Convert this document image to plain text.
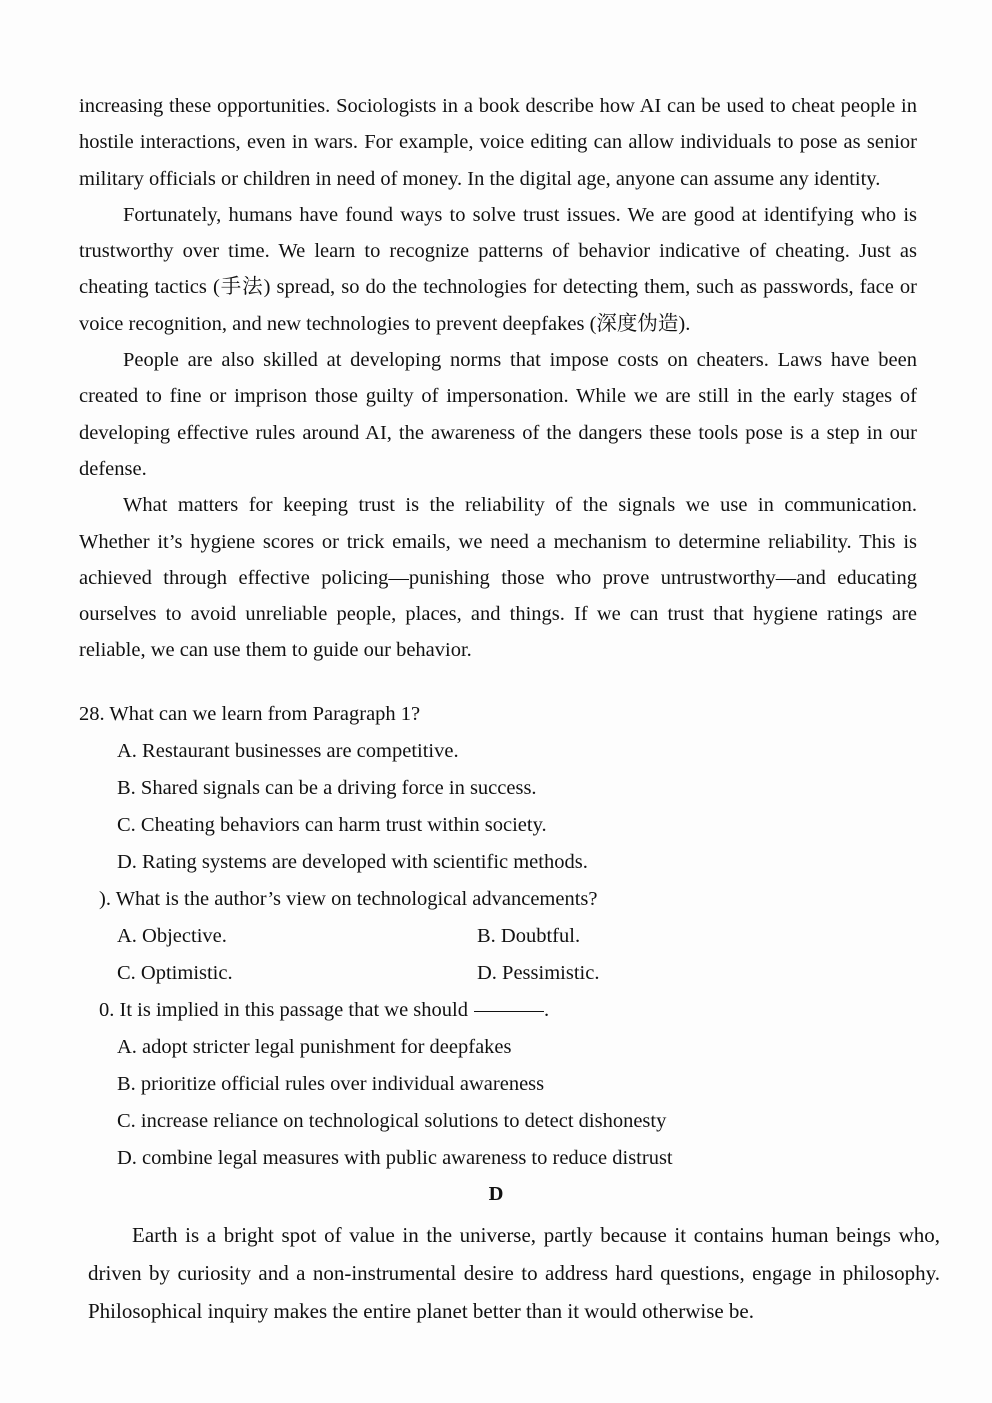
increasing these opportunities. Sociologists in a book describe how AI can be used to cheat people in hostile interactions, even in wars. For example, voice editing can allow individuals to pose as senior military officials or children in need of money. In the digital age, anyone can assume any identity.

Fortunately, humans have found ways to solve trust issues. We are good at identifying who is trustworthy over time. We learn to recognize patterns of behavior indicative of cheating. Just as cheating tactics (手法) spread, so do the technologies for detecting them, such as passwords, face or voice recognition, and new technologies to prevent deepfakes (深度伪造).

People are also skilled at developing norms that impose costs on cheaters. Laws have been created to fine or imprison those guilty of impersonation. While we are still in the early stages of developing effective rules around AI, the awareness of the dangers these tools pose is a step in our defense.

What matters for keeping trust is the reliability of the signals we use in communication. Whether it’s hygiene scores or trick emails, we need a mechanism to determine reliability. This is achieved through effective policing—punishing those who prove untrustworthy—and educating ourselves to avoid unreliable people, places, and things. If we can trust that hygiene ratings are reliable, we can use them to guide our behavior.

28. What can we learn from Paragraph 1?

A. Restaurant businesses are competitive.

B. Shared signals can be a driving force in success.

C. Cheating behaviors can harm trust within society.

D. Rating systems are developed with scientific methods.

). What is the author’s view on technological advancements?

A. Objective.	B. Doubtful.

C. Optimistic.	D. Pessimistic.

0. It is implied in this passage that we should	.

A. adopt stricter legal punishment for deepfakes

B. prioritize official rules over individual awareness

C. increase reliance on technological solutions to detect dishonesty

D. combine legal measures with public awareness to reduce distrust

D

Earth is a bright spot of value in the universe, partly because it contains human beings who, driven by curiosity and a non-instrumental desire to address hard questions, engage in philosophy. Philosophical inquiry makes the entire planet better than it would otherwise be.
